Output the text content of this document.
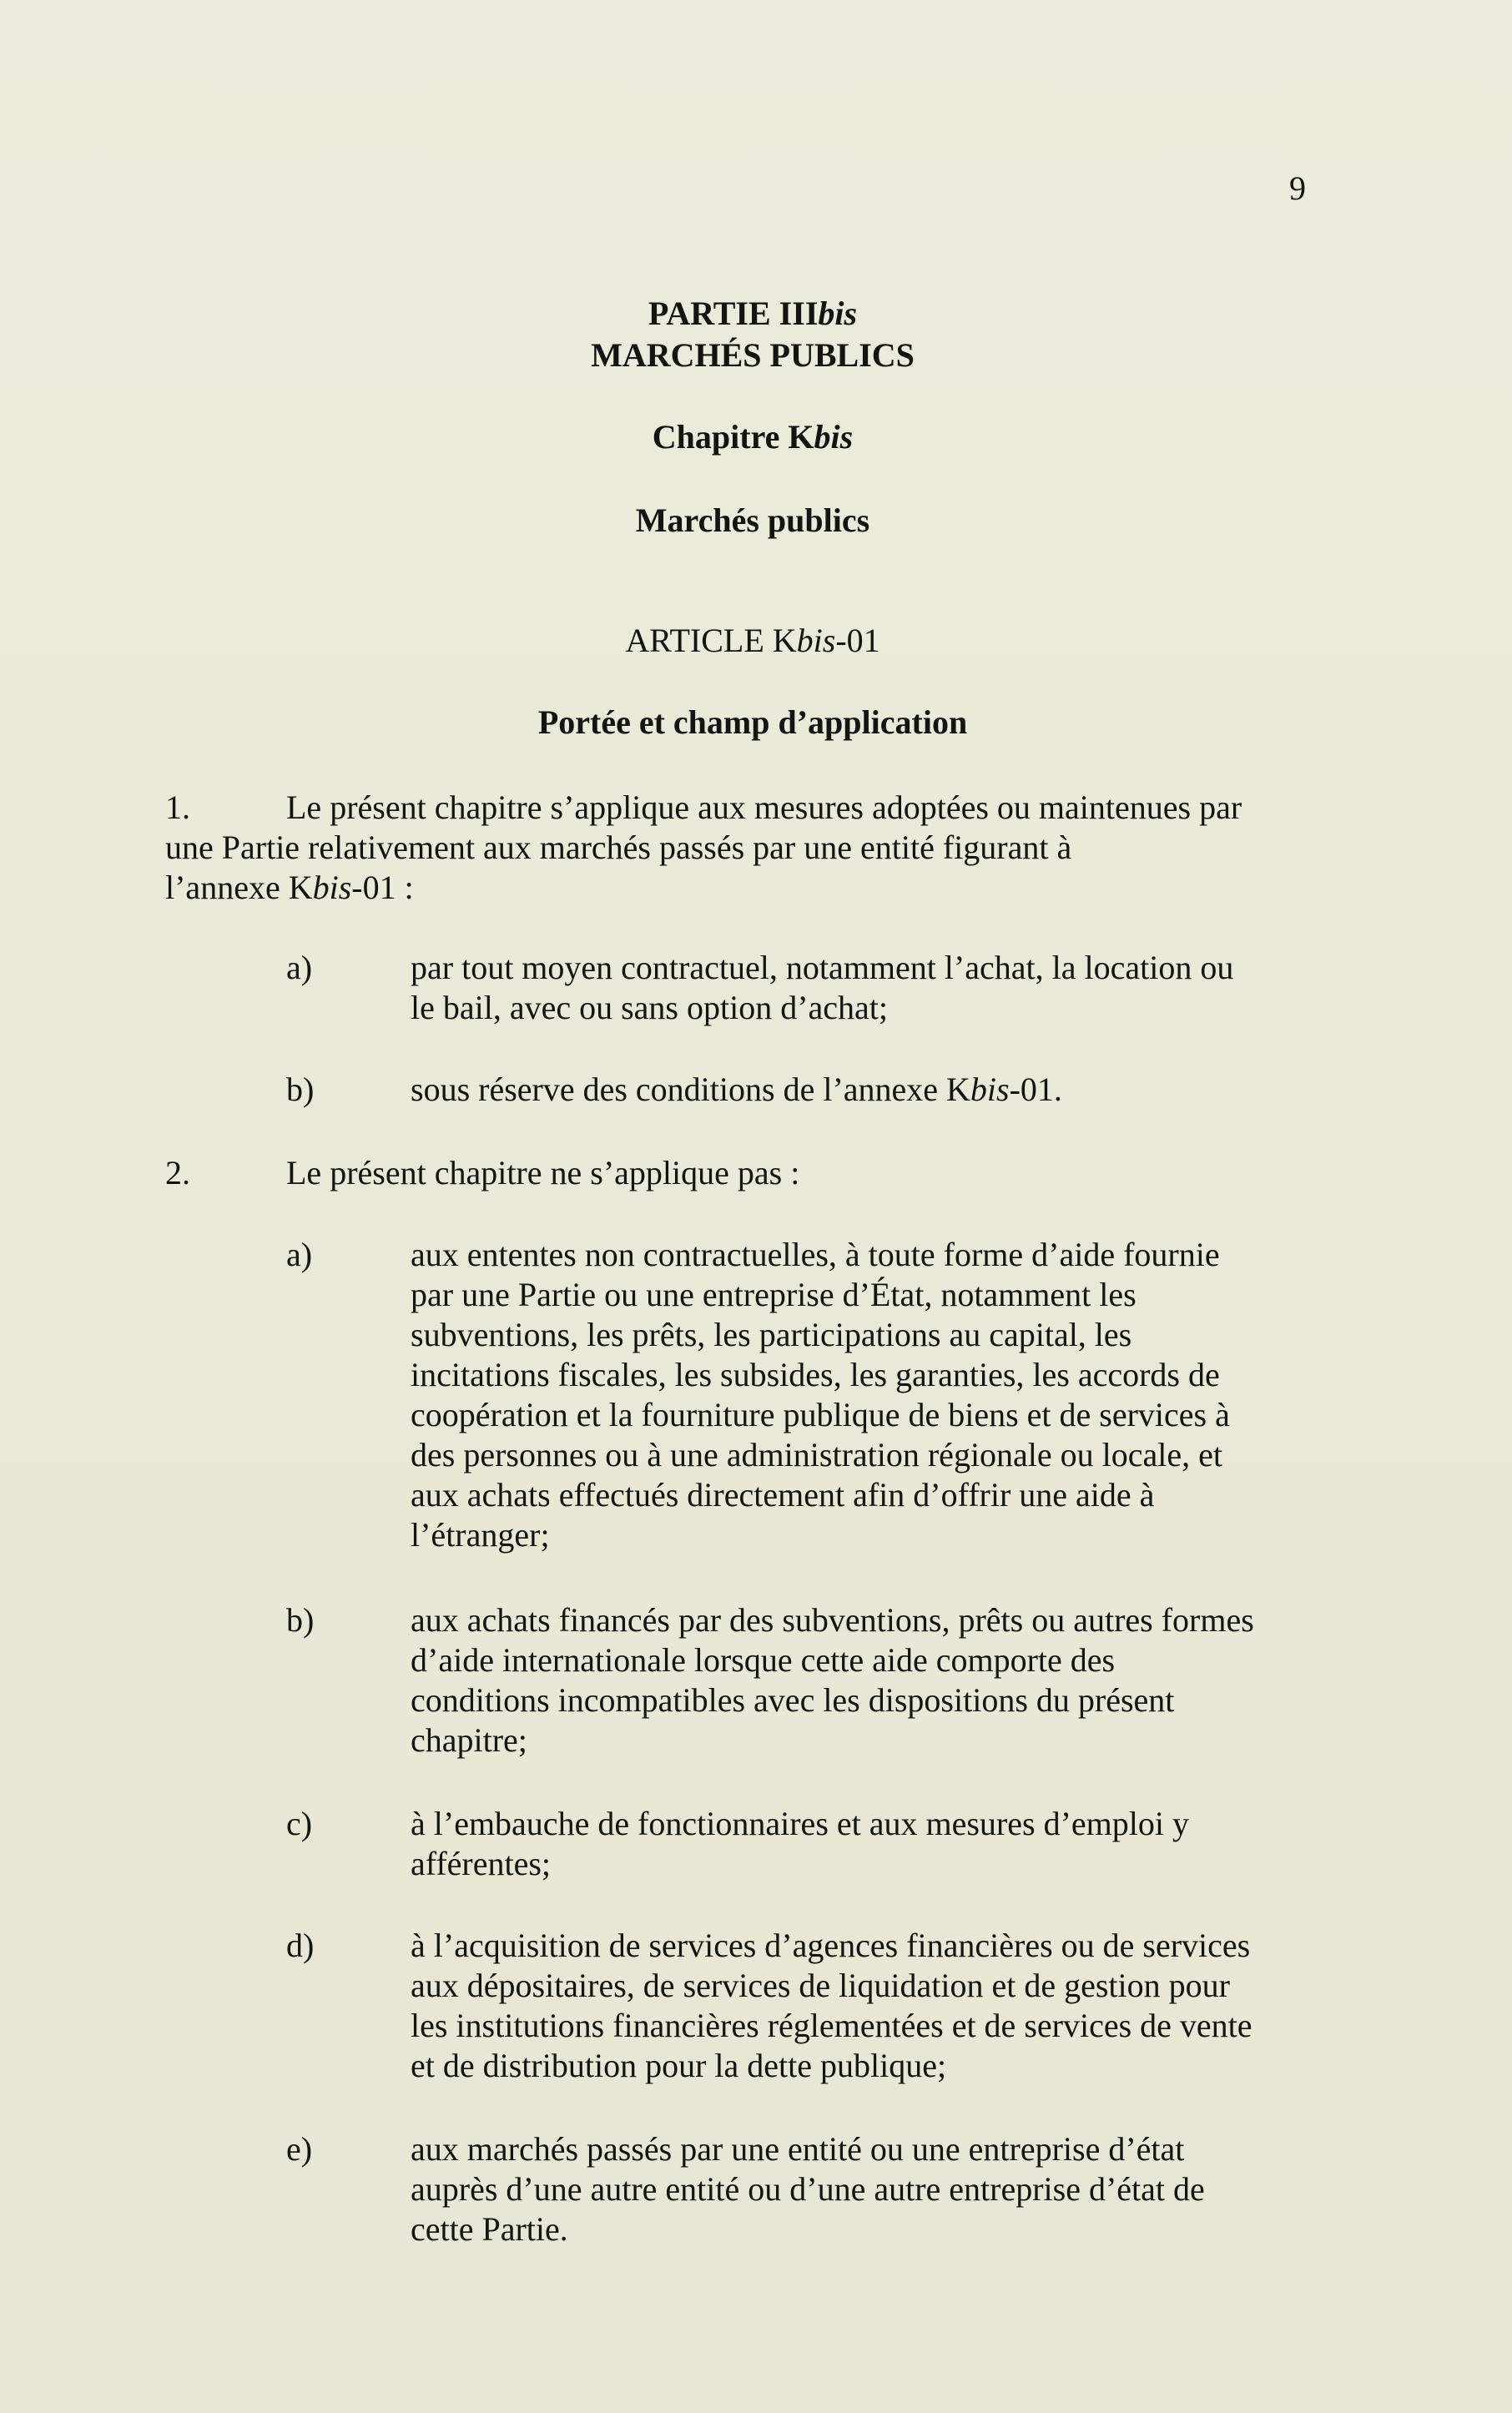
9
PARTIE IIIbis
MARCHÉS PUBLICS
Chapitre Kbis
Marchés publics
ARTICLE Kbis-01
Portée et champ d’application
1.	Le présent chapitre s’applique aux mesures adoptées ou maintenues par
une Partie relativement aux marchés passés par une entité figurant à
l’annexe Kbis-01 :
a)	par tout moyen contractuel, notamment l’achat, la location ou
le bail, avec ou sans option d’achat;
b)	sous réserve des conditions de l’annexe Kbis-01.
2.	Le présent chapitre ne s’applique pas :
a)	aux ententes non contractuelles, à toute forme d’aide fournie
par une Partie ou une entreprise d’État, notamment les
subventions, les prêts, les participations au capital, les
incitations fiscales, les subsides, les garanties, les accords de
coopération et la fourniture publique de biens et de services à
des personnes ou à une administration régionale ou locale, et
aux achats effectués directement afin d’offrir une aide à
l’étranger;
b)	aux achats financés par des subventions, prêts ou autres formes
d’aide internationale lorsque cette aide comporte des
conditions incompatibles avec les dispositions du présent
chapitre;
c)	à l’embauche de fonctionnaires et aux mesures d’emploi y
afférentes;
d)	à l’acquisition de services d’agences financières ou de services
aux dépositaires, de services de liquidation et de gestion pour
les institutions financières réglementées et de services de vente
et de distribution pour la dette publique;
e)	aux marchés passés par une entité ou une entreprise d’état
auprès d’une autre entité ou d’une autre entreprise d’état de
cette Partie.
